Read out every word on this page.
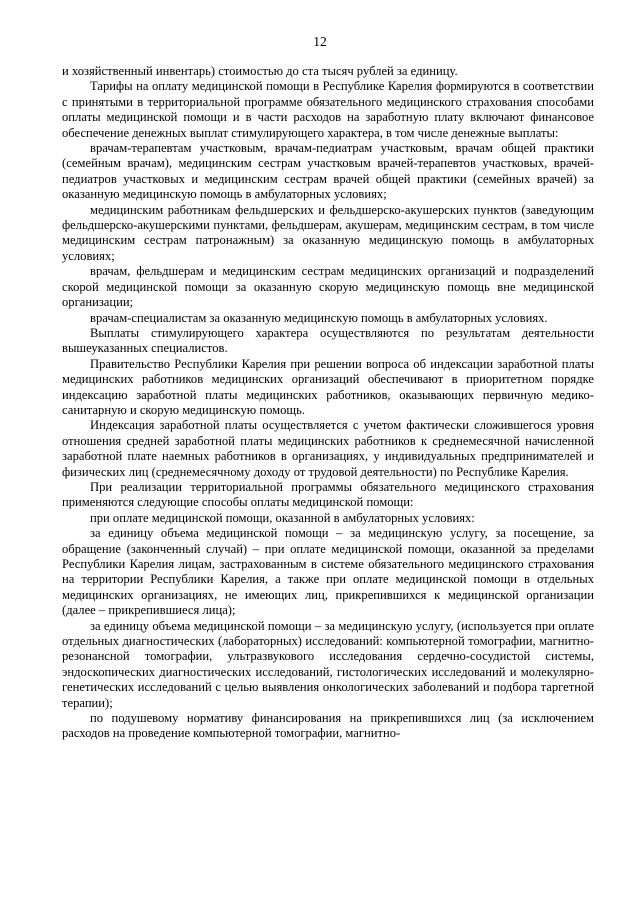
12

и хозяйственный инвентарь) стоимостью до ста тысяч рублей за единицу.

Тарифы на оплату медицинской помощи в Республике Карелия формируются в соответствии с принятыми в территориальной программе обязательного медицинского страхования способами оплаты медицинской помощи и в части расходов на заработную плату включают финансовое обеспечение денежных выплат стимулирующего характера, в том числе денежные выплаты:

врачам-терапевтам участковым, врачам-педиатрам участковым, врачам общей практики (семейным врачам), медицинским сестрам участковым врачей-терапевтов участковых, врачей-педиатров участковых и медицинским сестрам врачей общей практики (семейных врачей) за оказанную медицинскую помощь в амбулаторных условиях;

медицинским работникам фельдшерских и фельдшерско-акушерских пунктов (заведующим фельдшерско-акушерскими пунктами, фельдшерам, акушерам, медицинским сестрам, в том числе медицинским сестрам патронажным) за оказанную медицинскую помощь в амбулаторных условиях;

врачам, фельдшерам и медицинским сестрам медицинских организаций и подразделений скорой медицинской помощи за оказанную скорую медицинскую помощь вне медицинской организации;

врачам-специалистам за оказанную медицинскую помощь в амбулаторных условиях.

Выплаты стимулирующего характера осуществляются по результатам деятельности вышеуказанных специалистов.

Правительство Республики Карелия при решении вопроса об индексации заработной платы медицинских работников медицинских организаций обеспечивают в приоритетном порядке индексацию заработной платы медицинских работников, оказывающих первичную медико-санитарную и скорую медицинскую помощь.

Индексация заработной платы осуществляется с учетом фактически сложившегося уровня отношения средней заработной платы медицинских работников к среднемесячной начисленной заработной плате наемных работников в организациях, у индивидуальных предпринимателей и физических лиц (среднемесячному доходу от трудовой деятельности) по Республике Карелия.

При реализации территориальной программы обязательного медицинского страхования применяются следующие способы оплаты медицинской помощи:

при оплате медицинской помощи, оказанной в амбулаторных условиях:

за единицу объема медицинской помощи – за медицинскую услугу, за посещение, за обращение (законченный случай) – при оплате медицинской помощи, оказанной за пределами Республики Карелия лицам, застрахованным в системе обязательного медицинского страхования на территории Республики Карелия, а также при оплате медицинской помощи в отдельных медицинских организациях, не имеющих лиц, прикрепившихся к медицинской организации (далее – прикрепившиеся лица);

за единицу объема медицинской помощи – за медицинскую услугу, (используется при оплате отдельных диагностических (лабораторных) исследований: компьютерной томографии, магнитно-резонансной томографии, ультразвукового исследования сердечно-сосудистой системы, эндоскопических диагностических исследований, гистологических исследований и молекулярно-генетических исследований с целью выявления онкологических заболеваний и подбора таргетной терапии);

по подушевому нормативу финансирования на прикрепившихся лиц (за исключением расходов на проведение компьютерной томографии, магнитно-
